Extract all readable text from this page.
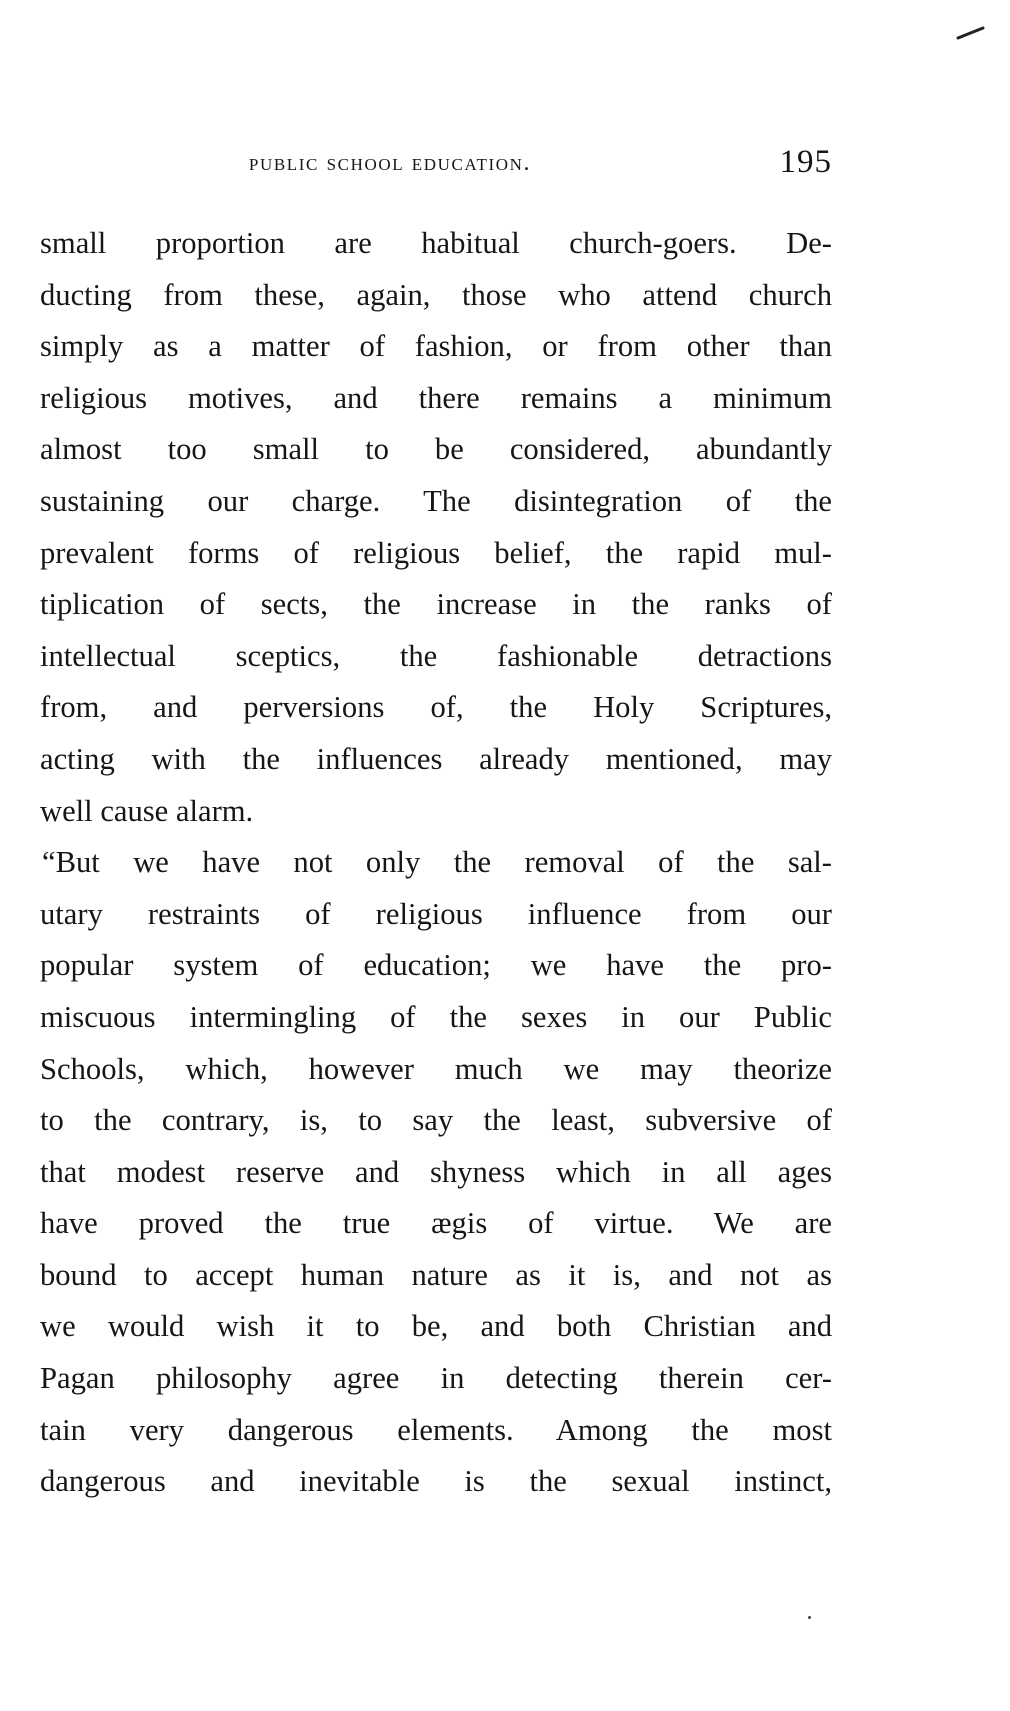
public school education.	195
small proportion are habitual church-goers. De-
ducting from these, again, those who attend church
simply as a matter of fashion, or from other than
religious motives, and there remains a minimum
almost too small to be considered, abundantly
sustaining our charge. The disintegration of the
prevalent forms of religious belief, the rapid mul-
tiplication of sects, the increase in the ranks of
intellectual sceptics, the fashionable detractions
from, and perversions of, the Holy Scriptures,
acting with the influences already mentioned, may
well cause alarm.
“But we have not only the removal of the sal-
utary restraints of religious influence from our
popular system of education; we have the pro-
miscuous intermingling of the sexes in our Public
Schools, which, however much we may theorize
to the contrary, is, to say the least, subversive of
that modest reserve and shyness which in all ages
have proved the true ægis of virtue. We are
bound to accept human nature as it is, and not as
we would wish it to be, and both Christian and
Pagan philosophy agree in detecting therein cer-
tain very dangerous elements. Among the most
dangerous and inevitable is the sexual instinct,
